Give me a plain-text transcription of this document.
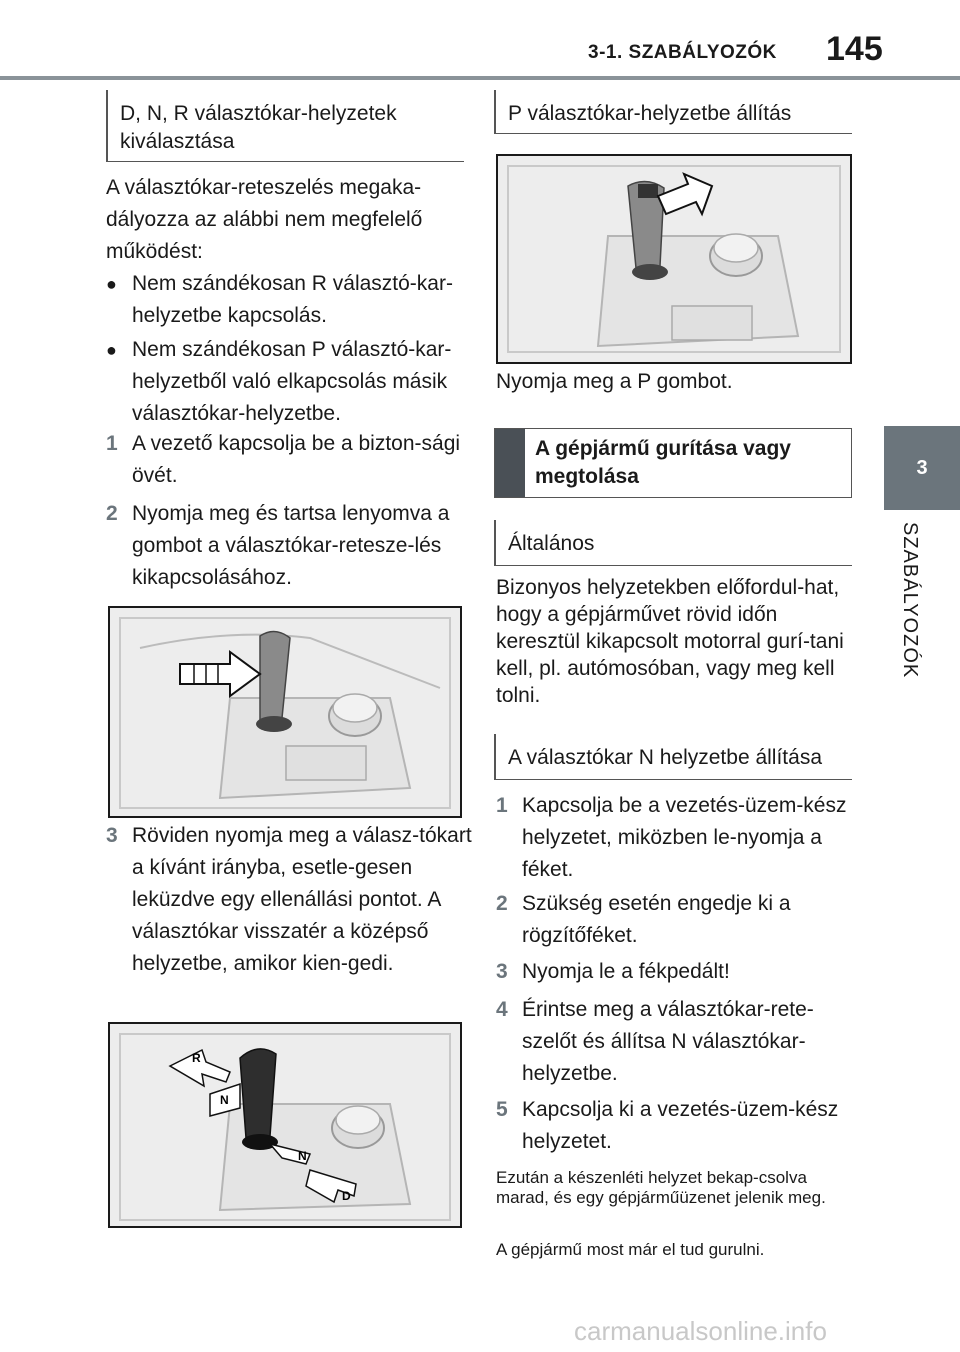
3-1. SZABÁLYOZÓK 145
3
SZABÁLYOZÓK
D, N, R választókar-helyzetek kiválasztása
A választókar-reteszelés megaka-dályozza az alábbi nem megfelelő működést:
● Nem szándékosan R választó-kar-helyzetbe kapcsolás.
● Nem szándékosan P választó-kar-helyzetből való elkapcsolás másik választókar-helyzetbe.
1 A vezető kapcsolja be a bizton-sági övét.
2 Nyomja meg és tartsa lenyomva a gombot a választókar-retesze-lés kikapcsolásához.
3 Röviden nyomja meg a válasz-tókart a kívánt irányba, esetle-gesen leküzdve egy ellenállási pontot. A választókar visszatér a középső helyzetbe, amikor kien-gedi.
R
N
N
D
P választókar-helyzetbe állítás
Nyomja meg a P gombot.
A gépjármű gurítása vagy megtolása
Általános
Bizonyos helyzetekben előfordul-hat, hogy a gépjárművet rövid időn keresztül kikapcsolt motorral gurí-tani kell, pl. autómosóban, vagy meg kell tolni.
A választókar N helyzetbe állítása
1 Kapcsolja be a vezetés-üzem-kész helyzetet, miközben le-nyomja a féket.
2 Szükség esetén engedje ki a rögzítőféket.
3 Nyomja le a fékpedált!
4 Érintse meg a választókar-rete-szelőt és állítsa N választókar-helyzetbe.
5 Kapcsolja ki a vezetés-üzem-kész helyzetet.
Ezután a készenléti helyzet bekap-csolva marad, és egy gépjárműüzenet jelenik meg.
A gépjármű most már el tud gurulni.
carmanualsonline.info
